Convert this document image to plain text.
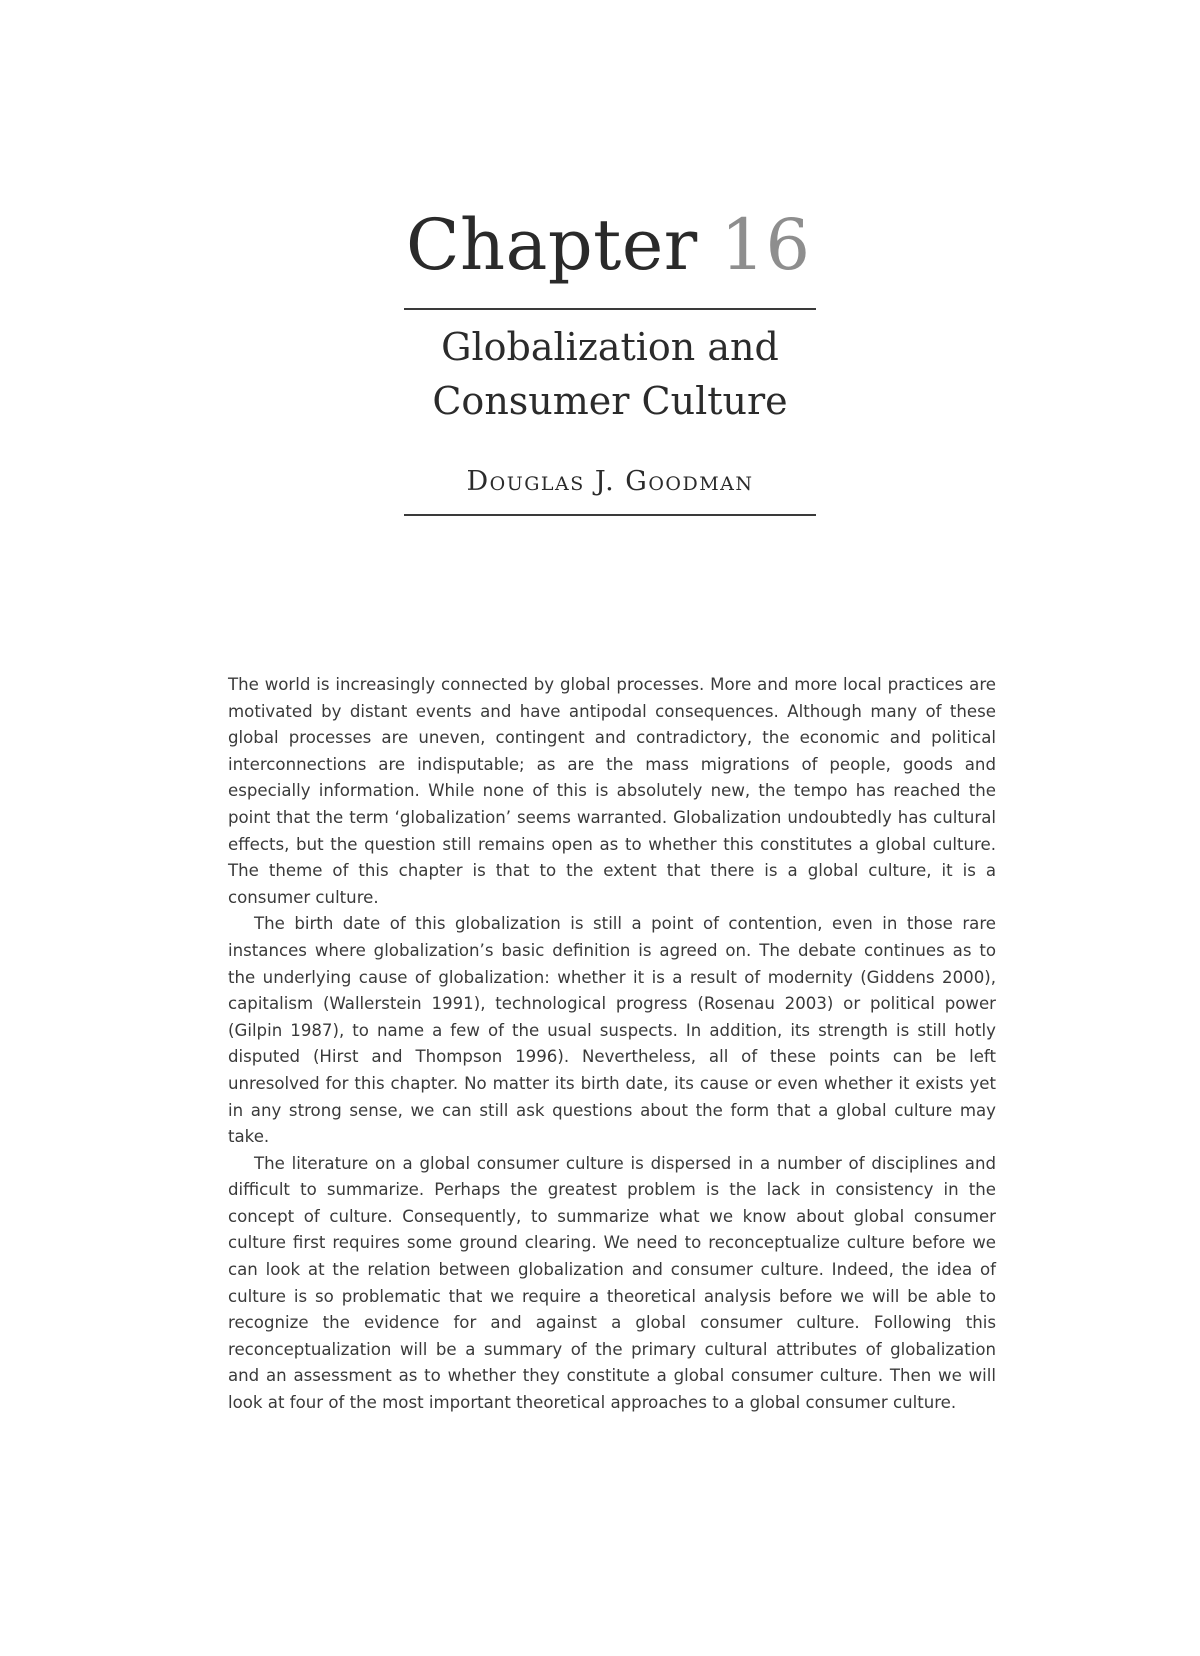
Chapter 16
Globalization and
Consumer Culture

Douglas J. Goodman

The world is increasingly connected by global processes. More and more local practices are motivated by distant events and have antipodal consequences. Although many of these global processes are uneven, contingent and contradictory, the economic and political interconnections are indisputable; as are the mass migrations of people, goods and especially information. While none of this is absolutely new, the tempo has reached the point that the term ‘globalization’ seems warranted. Globalization undoubtedly has cultural effects, but the question still remains open as to whether this constitutes a global culture. The theme of this chapter is that to the extent that there is a global culture, it is a consumer culture.

The birth date of this globalization is still a point of contention, even in those rare instances where globalization’s basic definition is agreed on. The debate continues as to the underlying cause of globalization: whether it is a result of modernity (Giddens 2000), capitalism (Wallerstein 1991), technological progress (Rosenau 2003) or political power (Gilpin 1987), to name a few of the usual suspects. In addition, its strength is still hotly disputed (Hirst and Thompson 1996). Nevertheless, all of these points can be left unresolved for this chapter. No matter its birth date, its cause or even whether it exists yet in any strong sense, we can still ask questions about the form that a global culture may take.

The literature on a global consumer culture is dispersed in a number of disciplines and difficult to summarize. Perhaps the greatest problem is the lack in consistency in the concept of culture. Consequently, to summarize what we know about global consumer culture first requires some ground clearing. We need to reconceptualize culture before we can look at the relation between globalization and consumer culture. Indeed, the idea of culture is so problematic that we require a theoretical analysis before we will be able to recognize the evidence for and against a global consumer culture. Following this reconceptualization will be a summary of the primary cultural attributes of globalization and an assessment as to whether they constitute a global consumer culture. Then we will look at four of the most important theoretical approaches to a global consumer culture.
